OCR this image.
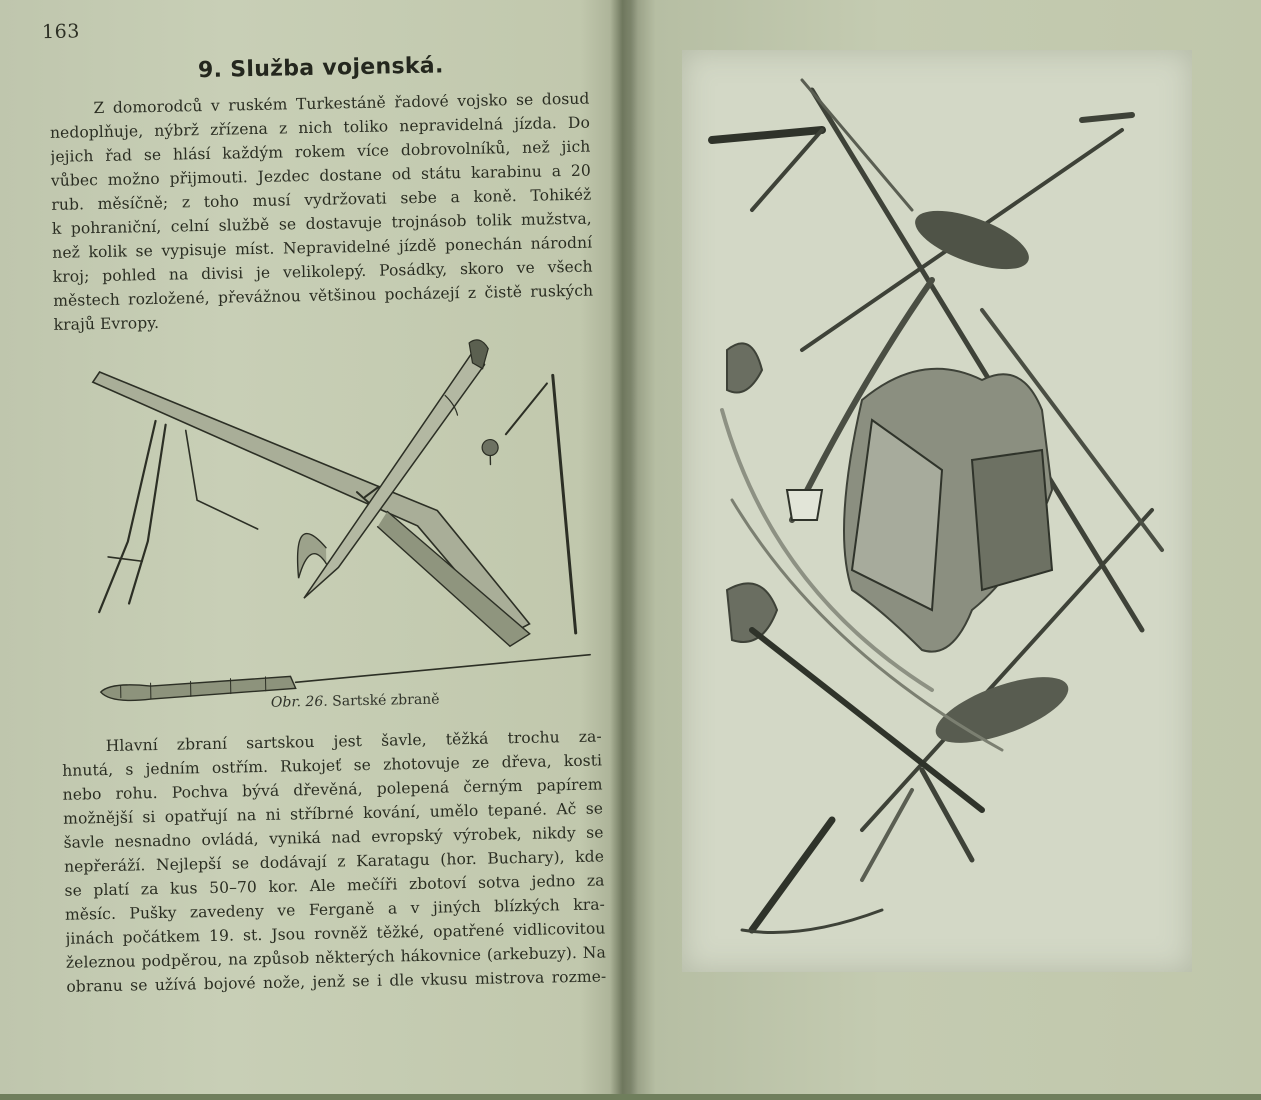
163
9. Služba vojenská.
Z domorodců v ruském Turkestáně řadové vojsko se dosud
nedoplňuje, nýbrž zřízena z nich toliko nepravidelná jízda. Do
jejich řad se hlásí každým rokem více dobrovolníků, než jich
vůbec možno přijmouti. Jezdec dostane od státu karabinu a 20
rub. měsíčně; z toho musí vydržovati sebe a koně. Tohikéž
k pohraniční, celní službě se dostavuje trojnásob tolik mužstva,
než kolik se vypisuje míst. Nepravidelné jízdě ponechán národní
kroj; pohled na divisi je velikolepý. Posádky, skoro ve všech
městech rozložené, převážnou většinou pocházejí z čistě ruských
krajů Evropy.
Obr. 26. Sartské zbraně
Hlavní zbraní sartskou jest šavle, těžká trochu za-
hnutá, s jedním ostřím. Rukojeť se zhotovuje ze dřeva, kosti
nebo rohu. Pochva bývá dřevěná, polepená černým papírem
možnější si opatřují na ni stříbrné kování, umělo tepané. Ač se
šavle nesnadno ovládá, vyniká nad evropský výrobek, nikdy se
nepřeráží. Nejlepší se dodávají z Karatagu (hor. Buchary), kde
se platí za kus 50–70 kor. Ale mečíři zbotoví sotva jedno za
měsíc. Pušky zavedeny ve Ferganě a v jiných blízkých kra-
jinách počátkem 19. st. Jsou rovněž těžké, opatřené vidlicovitou
železnou podpěrou, na způsob některých hákovnice (arkebuzy). Na
obranu se užívá bojové nože, jenž se i dle vkusu mistrova rozme-
